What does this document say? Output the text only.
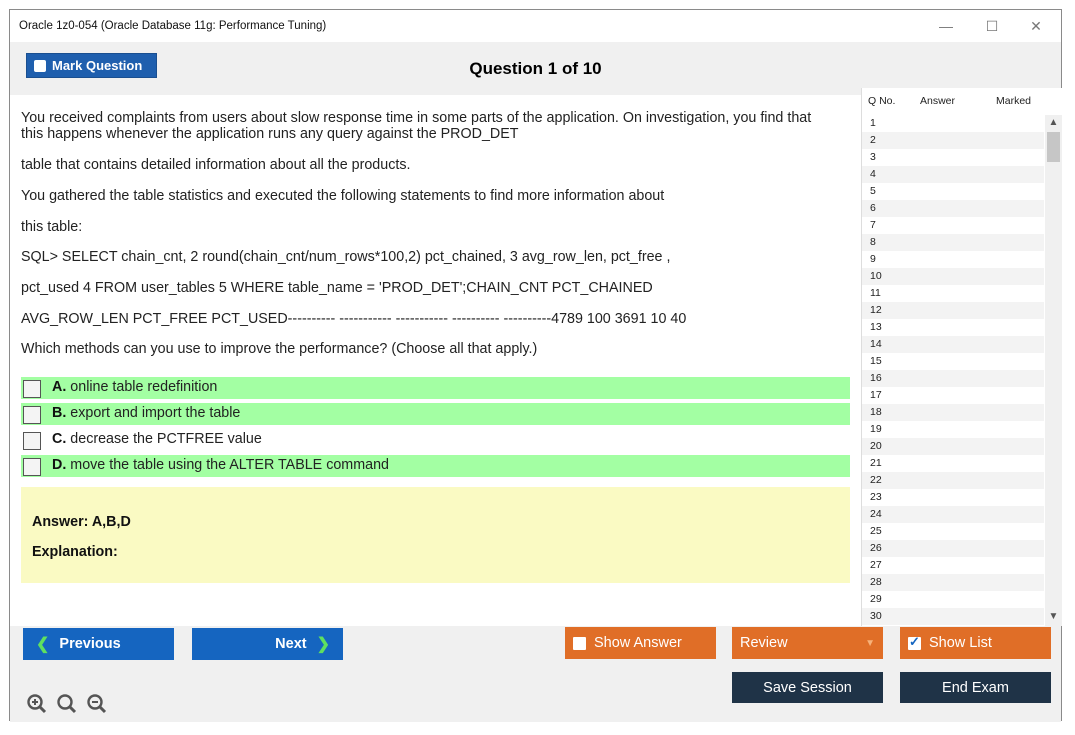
Oracle 1z0-054 (Oracle Database 11g: Performance Tuning)	—	☐	✕
Mark Question	Question 1 of 10

You received complaints from users about slow response time in some parts of the application. On investigation, you find that

this happens whenever the application runs any query against the PROD_DET

table that contains detailed information about all the products.

You gathered the table statistics and executed the following statements to find more information about

this table:

SQL> SELECT chain_cnt, 2 round(chain_cnt/num_rows*100,2) pct_chained, 3 avg_row_len, pct_free ,

pct_used 4 FROM user_tables 5 WHERE table_name = 'PROD_DET';CHAIN_CNT PCT_CHAINED

AVG_ROW_LEN PCT_FREE PCT_USED---------- ----------- ----------- ---------- ----------4789 100 3691 10 40

Which methods can you use to improve the performance? (Choose all that apply.)

A. online table redefinition
B. export and import the table
C. decrease the PCTFREE value
D. move the table using the ALTER TABLE command
Answer: A,B,D
Explanation:
Q No. Answer	Marked
1
2
3
4
5
6
7
8
9
10
11
12
13
14
15
16
17
18
19
20
21
22
23
24
25
26
27
28
29
30
▲
▼
❮ Previous	Next ❯	Show Answer	Review	▼
✓	Show List
Save Session	End Exam
